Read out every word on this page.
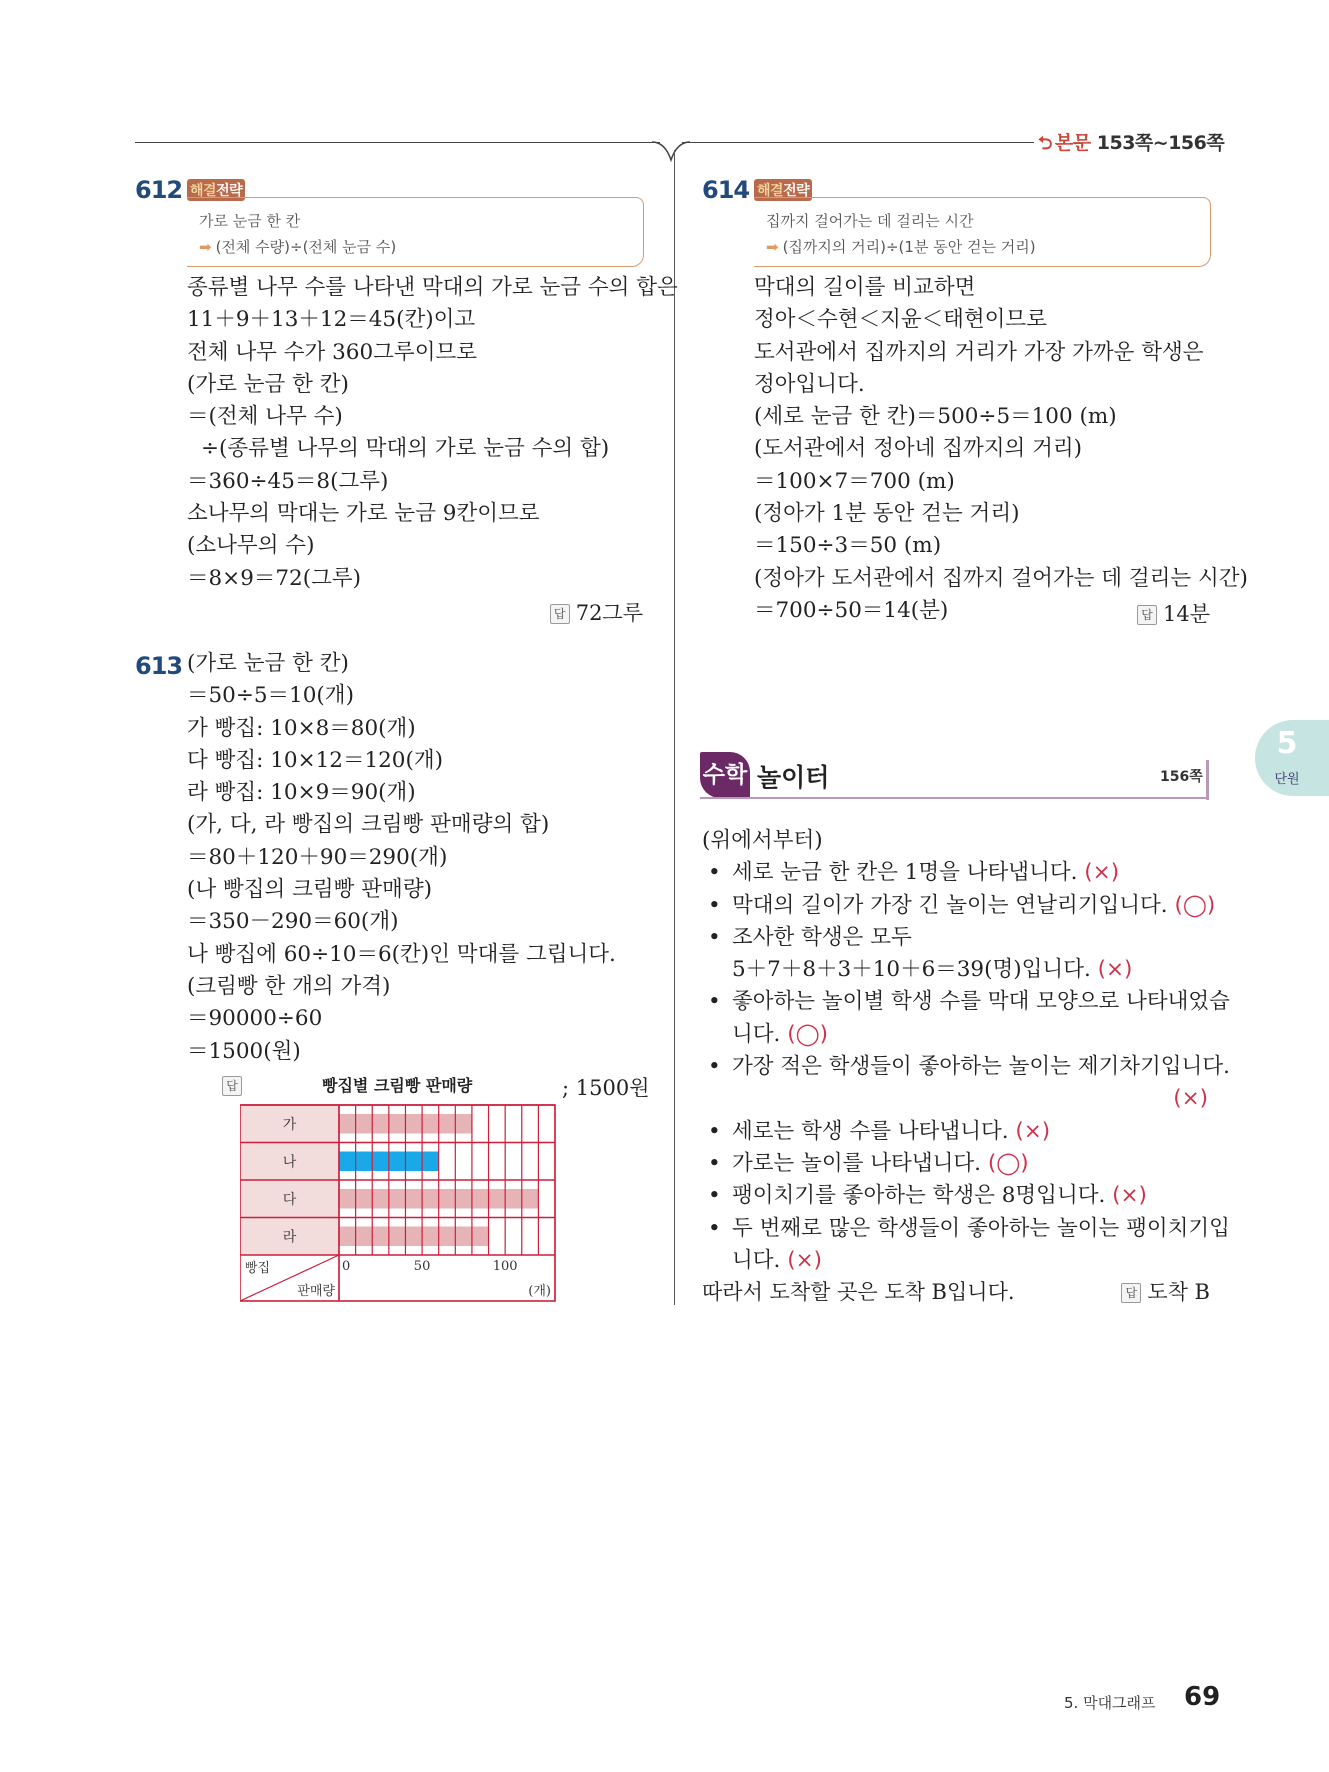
⮌ 본문 153쪽~156쪽
612 해결전략
가로 눈금 한 칸
➡ (전체 수량)÷(전체 눈금 수)
종류별 나무 수를 나타낸 막대의 가로 눈금 수의 합은
11＋9＋13＋12＝45(칸)이고
전체 나무 수가 360그루이므로
(가로 눈금 한 칸)
＝(전체 나무 수)
÷(종류별 나무의 막대의 가로 눈금 수의 합)
＝360÷45＝8(그루)
소나무의 막대는 가로 눈금 9칸이므로
(소나무의 수)
＝8×9＝72(그루)
답 72그루
613 (가로 눈금 한 칸)
＝50÷5＝10(개)
가 빵집: 10×8＝80(개)
다 빵집: 10×12＝120(개)
라 빵집: 10×9＝90(개)
(가, 다, 라 빵집의 크림빵 판매량의 합)
＝80＋120＋90＝290(개)
(나 빵집의 크림빵 판매량)
＝350－290＝60(개)
나 빵집에 60÷10＝6(칸)인 막대를 그립니다.
(크림빵 한 개의 가격)
＝90000÷60
＝1500(원)
답	빵집별 크림빵 판매량	; 1500원
가
나
다
라
빵집
판매량
0	50	100
(개)
614 해결전략
집까지 걸어가는 데 걸리는 시간
➡ (집까지의 거리)÷(1분 동안 걷는 거리)
막대의 길이를 비교하면
정아＜수현＜지윤＜태현이므로
도서관에서 집까지의 거리가 가장 가까운 학생은
정아입니다.
(세로 눈금 한 칸)＝500÷5＝100 (m)
(도서관에서 정아네 집까지의 거리)
＝100×7＝700 (m)
(정아가 1분 동안 걷는 거리)
＝150÷3＝50 (m)
(정아가 도서관에서 집까지 걸어가는 데 걸리는 시간)
＝700÷50＝14(분)	답 14분
수학 놀이터	156쪽
(위에서부터)
• 세로 눈금 한 칸은 1명을 나타냅니다. (×)
• 막대의 길이가 가장 긴 놀이는 연날리기입니다. (◯)
• 조사한 학생은 모두
5＋7＋8＋3＋10＋6＝39(명)입니다. (×)
• 좋아하는 놀이별 학생 수를 막대 모양으로 나타내었습
니다. (◯)
• 가장 적은 학생들이 좋아하는 놀이는 제기차기입니다.
(×)
• 세로는 학생 수를 나타냅니다. (×)
• 가로는 놀이를 나타냅니다. (◯)
• 팽이치기를 좋아하는 학생은 8명입니다. (×)
• 두 번째로 많은 학생들이 좋아하는 놀이는 팽이치기입
니다. (×)
따라서 도착할 곳은 도착 B입니다.	답 도착 B
5
단원
5. 막대그래프 69
